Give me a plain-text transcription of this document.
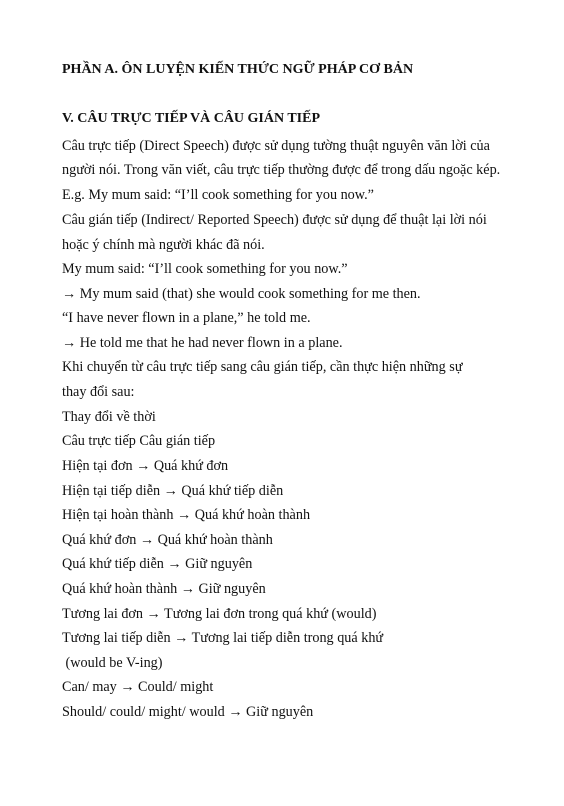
PHẦN A. ÔN LUYỆN KIẾN THỨC NGỮ PHÁP CƠ BẢN
V. CÂU TRỰC TIẾP VÀ CÂU GIÁN TIẾP
Câu trực tiếp (Direct Speech) được sử dụng tường thuật nguyên văn lời của
người nói. Trong văn viết, câu trực tiếp thường được để trong dấu ngoặc kép.
E.g. My mum said: “I’ll cook something for you now.”
Câu gián tiếp (Indirect/ Reported Speech) được sử dụng để thuật lại lời nói
hoặc ý chính mà người khác đã nói.
My mum said: “I’ll cook something for you now.”
→ My mum said (that) she would cook something for me then.
“I have never flown in a plane,” he told me.
→ He told me that he had never flown in a plane.
Khi chuyển từ câu trực tiếp sang câu gián tiếp, cần thực hiện những sự
thay đổi sau:
Thay đổi về thời
Câu trực tiếp Câu gián tiếp
Hiện tại đơn → Quá khứ đơn
Hiện tại tiếp diễn → Quá khứ tiếp diễn
Hiện tại hoàn thành → Quá khứ hoàn thành
Quá khứ đơn → Quá khứ hoàn thành
Quá khứ tiếp diễn → Giữ nguyên
Quá khứ hoàn thành → Giữ nguyên
Tương lai đơn → Tương lai đơn trong quá khứ (would)
Tương lai tiếp diễn → Tương lai tiếp diễn trong quá khứ
(would be V-ing)
Can/ may → Could/ might
Should/ could/ might/ would → Giữ nguyên
